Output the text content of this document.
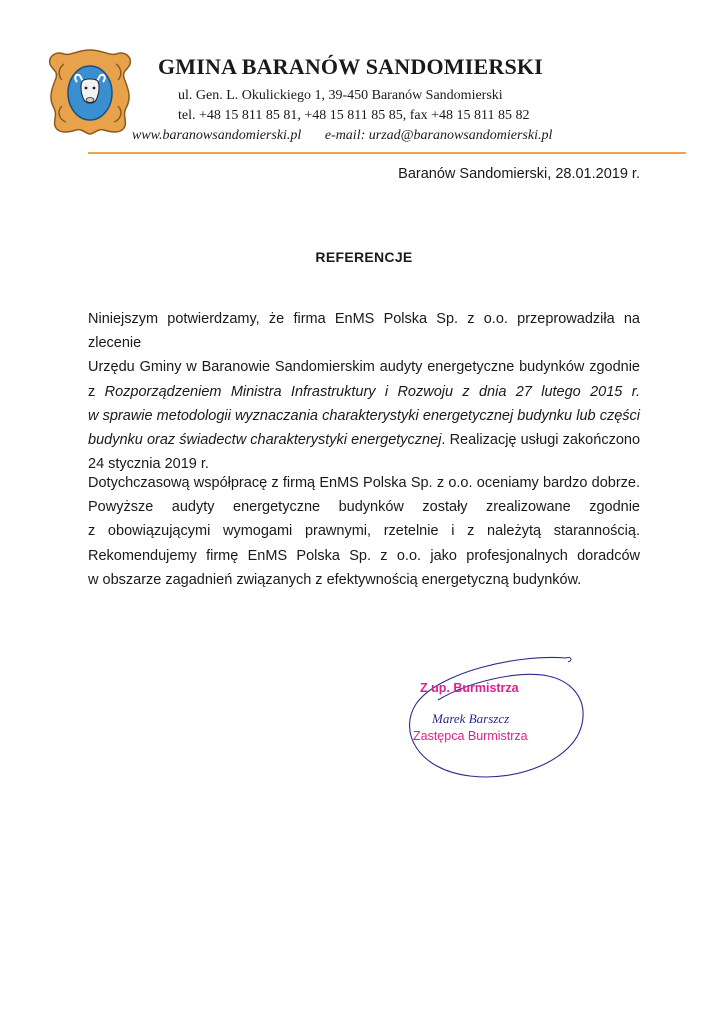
GMINA BARANÓW SANDOMIERSKI
ul. Gen. L. Okulickiego 1, 39-450 Baranów Sandomierski
tel. +48 15 811 85 81, +48 15 811 85 85, fax +48 15 811 85 82
www.baranowsandomierski.pl e-mail: urzad@baranowsandomierski.pl
Baranów Sandomierski, 28.01.2019 r.
REFERENCJE
Niniejszym potwierdzamy, że firma EnMS Polska Sp. z o.o. przeprowadziła na zlecenie
Urzędu Gminy w Baranowie Sandomierskim audyty energetyczne budynków zgodnie
z Rozporządzeniem Ministra Infrastruktury i Rozwoju z dnia 27 lutego 2015 r.
w sprawie metodologii wyznaczania charakterystyki energetycznej budynku lub części
budynku oraz świadectw charakterystyki energetycznej. Realizację usługi zakończono
24 stycznia 2019 r.
Dotychczasową współpracę z firmą EnMS Polska Sp. z o.o. oceniamy bardzo dobrze.
Powyższe audyty energetyczne budynków zostały zrealizowane zgodnie
z obowiązującymi wymogami prawnymi, rzetelnie i z należytą starannością.
Rekomendujemy firmę EnMS Polska Sp. z o.o. jako profesjonalnych doradców
w obszarze zagadnień związanych z efektywnością energetyczną budynków.
Z up. Burmistrza
Marek Barszcz
Zastępca Burmistrza
